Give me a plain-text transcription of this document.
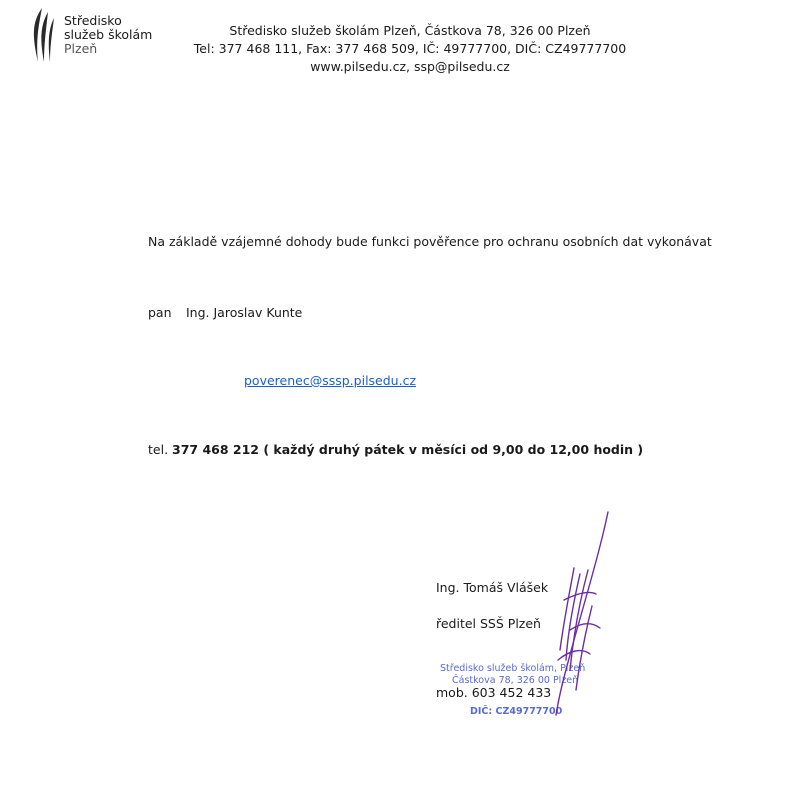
Středisko
služeb školám
Plzeň
Středisko služeb školám Plzeň, Částkova 78, 326 00 Plzeň
Tel: 377 468 111, Fax: 377 468 509, IČ: 49777700, DIČ: CZ49777700
www.pilsedu.cz, ssp@pilsedu.cz
Na základě vzájemné dohody bude funkci pověřence pro ochranu osobních dat vykonávat
pan Ing. Jaroslav Kunte
poverenec@sssp.pilsedu.cz
tel. 377 468 212 ( každý druhý pátek v měsíci od 9,00 do 12,00 hodin )
Ing. Tomáš Vlášek
ředitel SSŠ Plzeň
Středisko služeb školám, Plzeň
Částkova 78, 326 00 Plzeň
DIČ: CZ49777700
mob. 603 452 433
